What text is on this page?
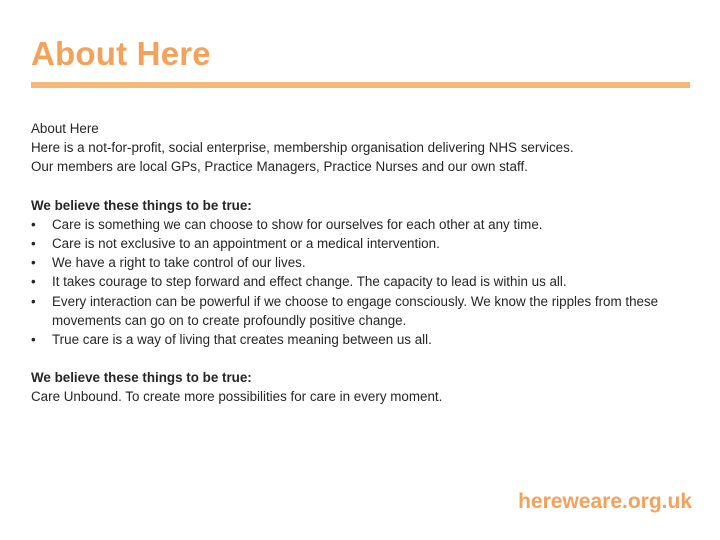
About Here

About Here

Here is a not-for-profit, social enterprise, membership organisation delivering NHS services.

Our members are local GPs, Practice Managers, Practice Nurses and our own staff.

We believe these things to be true:

•	Care is something we can choose to show for ourselves for each other at any time.
•	Care is not exclusive to an appointment or a medical intervention.
•	We have a right to take control of our lives.
•	It takes courage to step forward and effect change. The capacity to lead is within us all.
•	Every interaction can be powerful if we choose to engage consciously. We know the ripples from these movements can go on to create profoundly positive change.
•	True care is a way of living that creates meaning between us all.

We believe these things to be true:

Care Unbound. To create more possibilities for care in every moment.

hereweare.org.uk
